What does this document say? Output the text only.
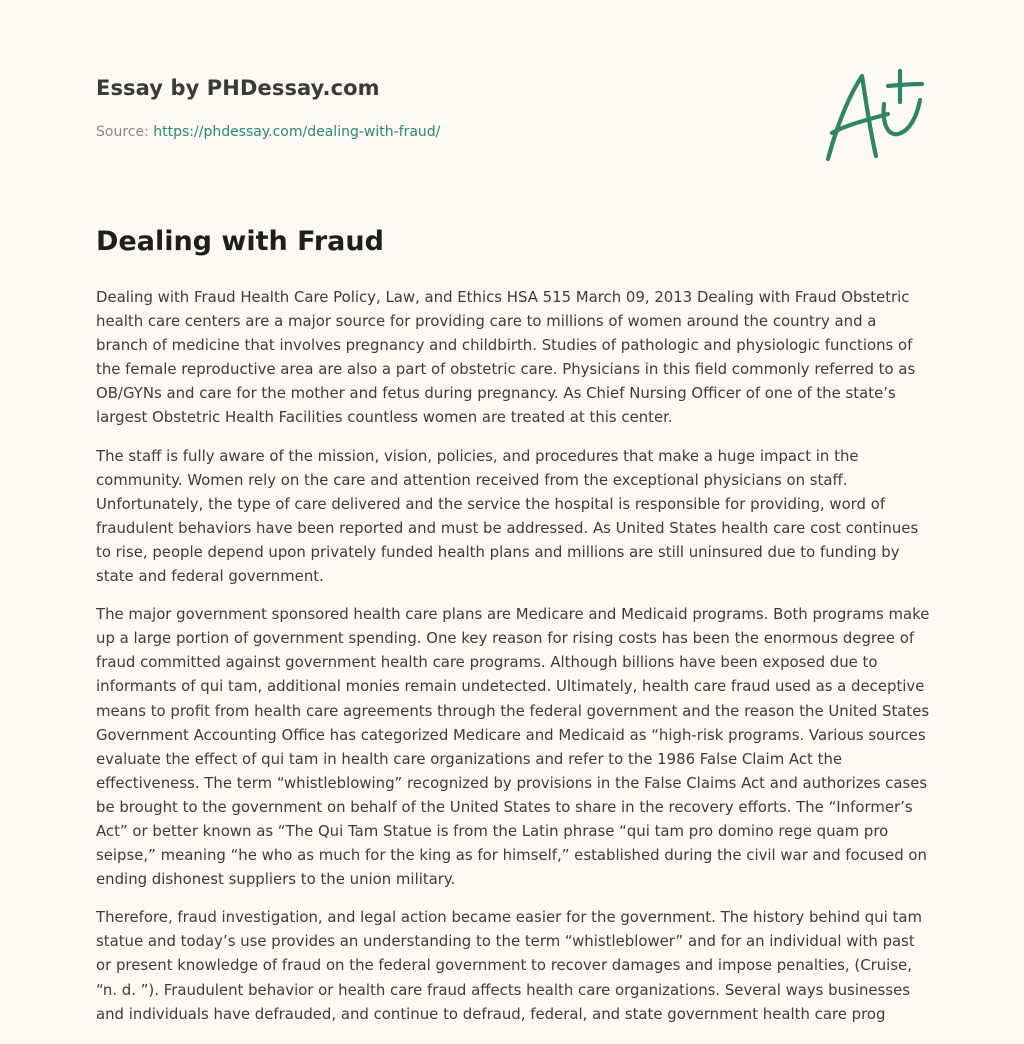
Essay by PHDessay.com
Source: https://phdessay.com/dealing-with-fraud/
Dealing with Fraud

Dealing with Fraud Health Care Policy, Law, and Ethics HSA 515 March 09, 2013 Dealing with Fraud Obstetric health care centers are a major source for providing care to millions of women around the country and a branch of medicine that involves pregnancy and childbirth. Studies of pathologic and physiologic functions of the female reproductive area are also a part of obstetric care. Physicians in this field commonly referred to as OB/GYNs and care for the mother and fetus during pregnancy. As Chief Nursing Officer of one of the state’s largest Obstetric Health Facilities countless women are treated at this center.

The staff is fully aware of the mission, vision, policies, and procedures that make a huge impact in the community. Women rely on the care and attention received from the exceptional physicians on staff. Unfortunately, the type of care delivered and the service the hospital is responsible for providing, word of fraudulent behaviors have been reported and must be addressed. As United States health care cost continues to rise, people depend upon privately funded health plans and millions are still uninsured due to funding by state and federal government.

The major government sponsored health care plans are Medicare and Medicaid programs. Both programs make up a large portion of government spending. One key reason for rising costs has been the enormous degree of fraud committed against government health care programs. Although billions have been exposed due to informants of qui tam, additional monies remain undetected. Ultimately, health care fraud used as a deceptive means to profit from health care agreements through the federal government and the reason the United States Government Accounting Office has categorized Medicare and Medicaid as “high-risk programs. Various sources evaluate the effect of qui tam in health care organizations and refer to the 1986 False Claim Act the effectiveness. The term “whistleblowing” recognized by provisions in the False Claims Act and authorizes cases be brought to the government on behalf of the United States to share in the recovery efforts. The “Informer’s Act” or better known as “The Qui Tam Statue is from the Latin phrase “qui tam pro domino rege quam pro seipse,” meaning “he who as much for the king as for himself,” established during the civil war and focused on ending dishonest suppliers to the union military.

Therefore, fraud investigation, and legal action became easier for the government. The history behind qui tam statue and today’s use provides an understanding to the term “whistleblower” and for an individual with past or present knowledge of fraud on the federal government to recover damages and impose penalties, (Cruise, “n. d. ”). Fraudulent behavior or health care fraud affects health care organizations. Several ways businesses and individuals have defrauded, and continue to defraud, federal, and state government health care prog
